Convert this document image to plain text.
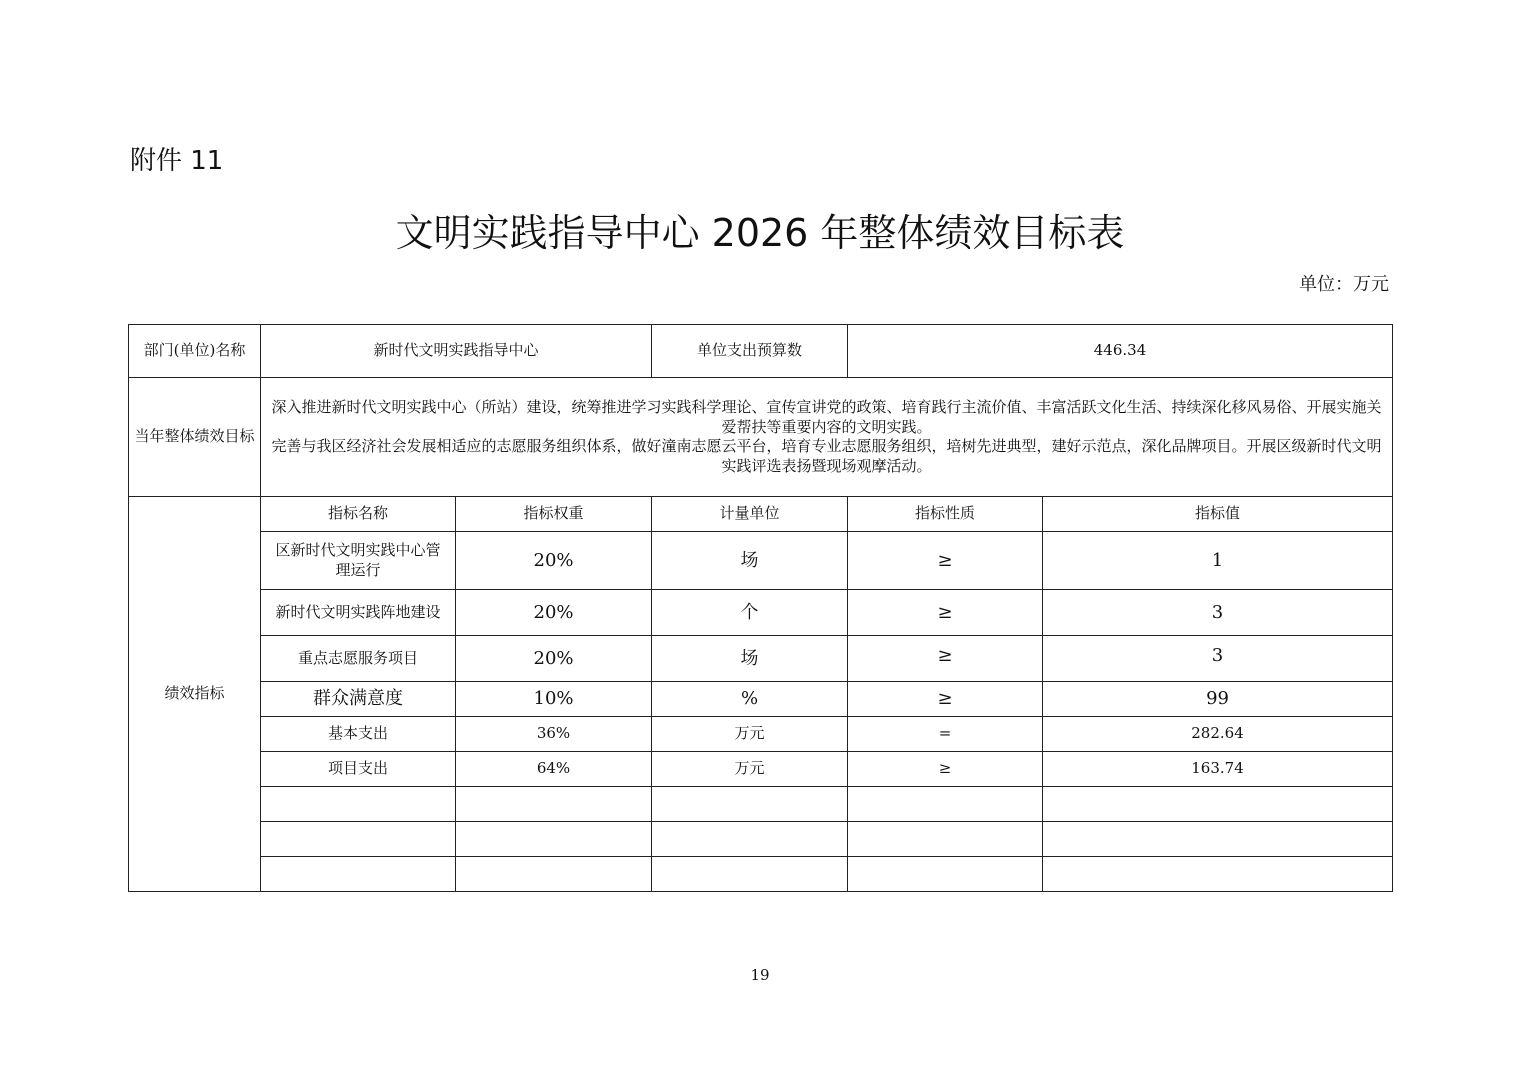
附件 11
文明实践指导中心 2026 年整体绩效目标表
单位：万元
部门(单位)名称	新时代文明实践指导中心		单位支出预算数	446.34	
当年整体绩效目标	深入推进新时代文明实践中心（所站）建设，统筹推进学习实践科学理论、宣传宣讲党的政策、培育践行主流价值、丰富活跃文化生活、持续深化移风易俗、开展实施关爱帮扶等重要内容的文明实践。
完善与我区经济社会发展相适应的志愿服务组织体系，做好潼南志愿云平台，培育专业志愿服务组织，培树先进典型，建好示范点，深化品牌项目。开展区级新时代文明实践评选表扬暨现场观摩活动。				

绩效指标	指标名称	指标权重	计量单位	指标性质	指标值
	区新时代文明实践中心管理运行	20%	场	≥	1
	新时代文明实践阵地建设	20%	个	≥	3
	重点志愿服务项目	20%	场	≥	3
	群众满意度	10%	%	≥	99
	基本支出	36%	万元	=	282.64
	项目支出	64%	万元	≥	163.74

19
